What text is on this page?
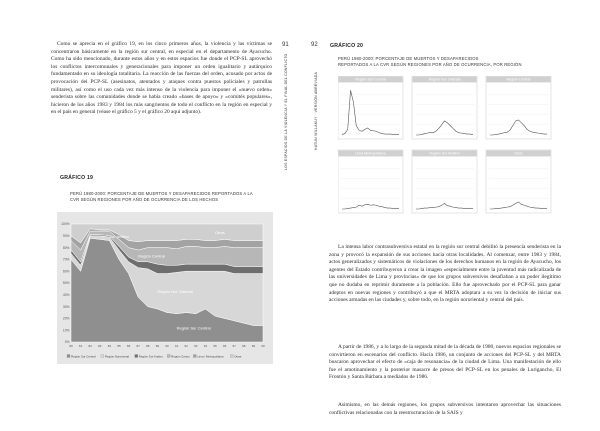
91
LOS ESPACIOS DE LA VIOLENCIA Y EL FINAL DEL CONFLICTO
Como se aprecia en el gráfico 19, en los cinco primeros años, la violencia y las víctimas se concentraron básicamente en la región sur central, en especial en el departamento de Ayacucho. Como ha sido mencionado, durante estos años y en estos espacios fue donde el PCP-SL aprovechó los conflictos intercomunales y generacionales para imponer un orden igualitario y autárquico fundamentado en su ideología totalitaria. La reacción de las fuerzas del orden, acusado por actos de provocación del PCP-SL (asesinatos, atentados y ataques contra puestos policiales y patrullas militares), así como el uso cada vez más intenso de la violencia para imponer el «nuevo orden» senderista sobre las comunidades donde se había creado «bases de apoyo» y «comités populares», hicieron de los años 1983 y 1984 los más sangrientos de todo el conflicto en la región en especial y en el país en general (véase el gráfico 5 y el gráfico 20 aquí adjunto).
GRÁFICO 19
PERÚ 1980-2000: PORCENTAJE DE MUERTOS Y DESAPARECIDOS REPORTADOS A LA
CVR SEGÚN REGIONES POR AÑO DE OCURRENCIA DE LOS HECHOS
0%
10%
20%
30%
40%
50%
60%
70%
80%
90%
100%
80 81 82 83 84 85 86 87 88 89 90 91 92 93 94 95 96 97 98 99 00
Otras
Sur Andino
Región Central
Región Nor Oriental
Región Sur Central
Región Sur Central	Región Nororiental	Región Sur Andino	Región Centro	Lima / Metropolitana	Otras
92
HATUN WILLAKUY · VERSIÓN ABREVIADA
GRÁFICO 20
PERÚ 1980-2000: PORCENTAJE DE MUERTOS Y DESAPARECIDOS
REPORTADOS A LA CVR SEGÚN REGIONES POR AÑO DE OCURRENCIA, POR REGIÓN
Región Sur Central	Región Nor Oriental	Región Central
Lima Metropolitana	Región Sur Andino	Otros
La intensa labor contrasubversiva estatal en la región sur central debilitó la presencia senderista en la zona y provocó la expansión de sus acciones hacia otras localidades. Al comenzar, entre 1983 y 1984, actos generalizados y sistemáticos de violaciones de los derechos humanos en la región de Ayacucho, los agentes del Estado contribuyeron a crear la imagen «especialmente entre la juventud más radicalizada de las universidades de Lima y provincias» de que los grupos subversivos desafiaban a un poder ilegítimo que no dudaba en reprimir duramente a la población. Ello fue aprovechado por el PCP-SL para ganar adeptos en nuevas regiones y contribuyó a que el MRTA adoptara a su vez la decisión de iniciar sus acciones armadas en las ciudades y, sobre todo, en la región nororiental y central del país.
A partir de 1986, y a lo largo de la segunda mitad de la década de 1980, nuevos espacios regionales se convirtieron en escenarios del conflicto. Hacia 1986, un conjunto de acciones del PCP-SL y del MRTA buscaron aprovechar el efecto de «caja de resonancia» de la ciudad de Lima. Una manifestación de ello fue el amotinamiento y la posterior masacre de presos del PCP-SL en los penales de Lurigancho, El Frontón y Santa Bárbara a mediados de 1986.
Asimismo, en las demás regiones, los grupos subversivos intentaron aprovechar las situaciones conflictivas relacionadas con la reestructuración de la SAIS y
